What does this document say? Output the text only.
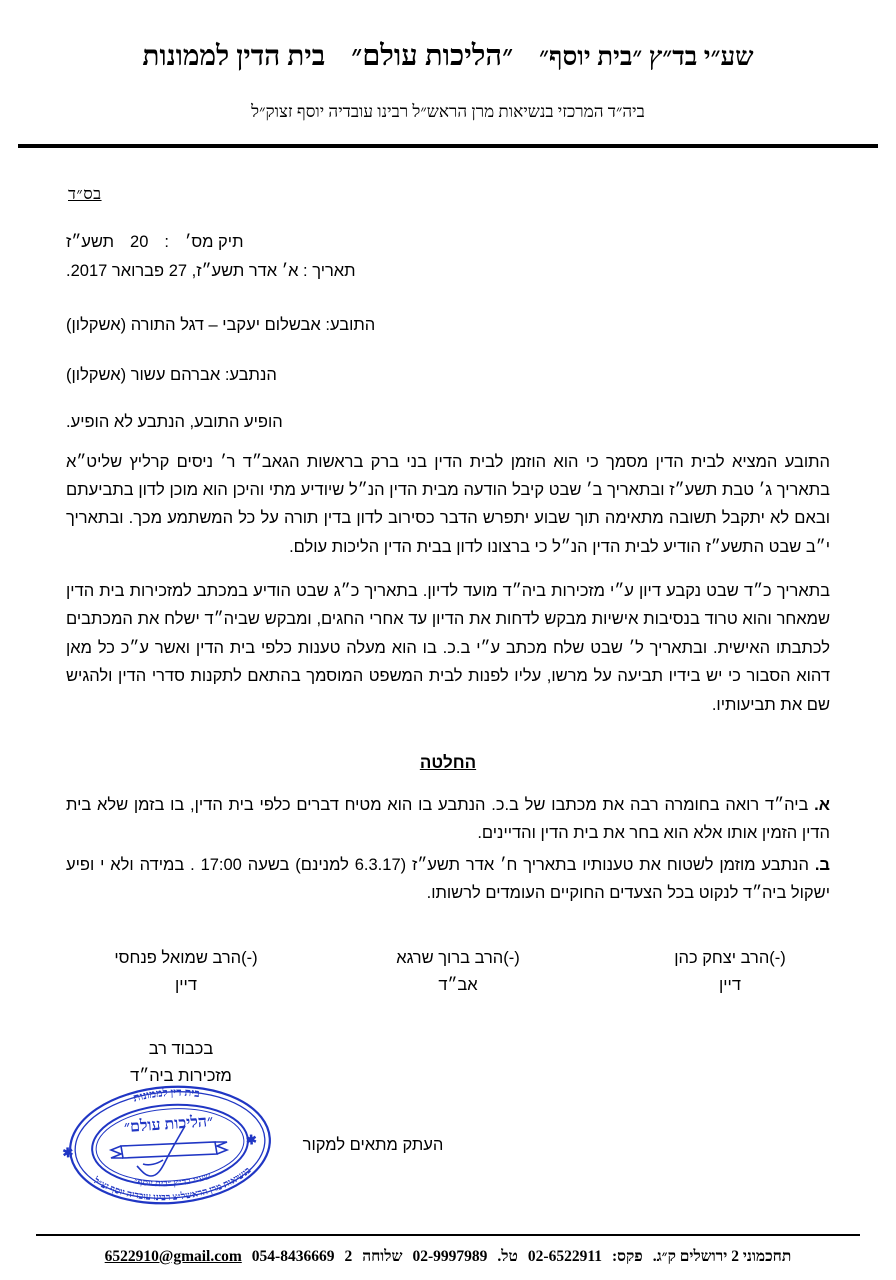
שע״י בד״ץ ״בית יוסף״״הליכות עולם״בית הדין לממונות
ביה״ד המרכזי בנשיאות מרן הראש״ל רבינו עובדיה יוסף זצוק״ל
בס״ד
תיק מס׳:20תשע״ז
תאריך : א׳ אדר תשע״ז, 27 פברואר 2017.
התובע: אבשלום יעקבי – דגל התורה (אשקלון)
הנתבע: אברהם עשור (אשקלון)
הופיע התובע, הנתבע לא הופיע.

התובע המציא לבית הדין מסמך כי הוא הוזמן לבית הדין בני ברק בראשות הגאב״ד ר׳ ניסים קרליץ שליט״א בתאריך ג׳ טבת תשע״ז ובתאריך ב׳ שבט קיבל הודעה מבית הדין הנ״ל שיודיע מתי והיכן הוא מוכן לדון בתביעתם ובאם לא יתקבל תשובה מתאימה תוך שבוע יתפרש הדבר כסירוב לדון בדין תורה על כל המשתמע מכך. ובתאריך י״ב שבט התשע״ז הודיע לבית הדין הנ״ל כי ברצונו לדון בבית הדין הליכות עולם.

בתאריך כ״ד שבט נקבע דיון ע״י מזכירות ביה״ד מועד לדיון. בתאריך כ״ג שבט הודיע במכתב למזכירות בית הדין שמאחר והוא טרוד בנסיבות אישיות מבקש לדחות את הדיון עד אחרי החגים, ומבקש שביה״ד ישלח את המכתבים לכתבתו האישית. ובתאריך ל׳ שבט שלח מכתב ע״י ב.כ. בו הוא מעלה טענות כלפי בית הדין ואשר ע״כ כל מאן דהוא הסבור כי יש בידיו תביעה על מרשו, עליו לפנות לבית המשפט המוסמך בהתאם לתקנות סדרי הדין ולהגיש שם את תביעותיו.

החלטה
א. ביה״ד רואה בחומרה רבה את מכתבו של ב.כ. הנתבע בו הוא מטיח דברים כלפי בית הדין, בו בזמן שלא בית הדין הזמין אותו אלא הוא בחר את בית הדין והדיינים.
ב. הנתבע מוזמן לשטוח את טענותיו בתאריך ח׳ אדר תשע״ז (6.3.17 למנינם) בשעה 17:00 . במידה ולא י ופיע ישקול ביה״ד לנקוט בכל הצעדים החוקיים העומדים לרשותו.
(-)הרב יצחק כהן
דיין
(-)הרב ברוך שרגא
אב״ד
(-)הרב שמואל פנחסי
דיין
בכבוד רב
מזכירות ביה״ד
העתק מתאים למקור
בית דין לממונות
בנשיאות מרן הראשל״צ רבינו עובדיה יוסף זצ״ל
שע״י בד״ץ ״בית יוסף״
״הליכות עולם״
✱
✱
תחכמוני 2 ירושלים ק״ג.פקס:02-6522911טל.02-9997989שלוחה2054-84366696522910@gmail.com
